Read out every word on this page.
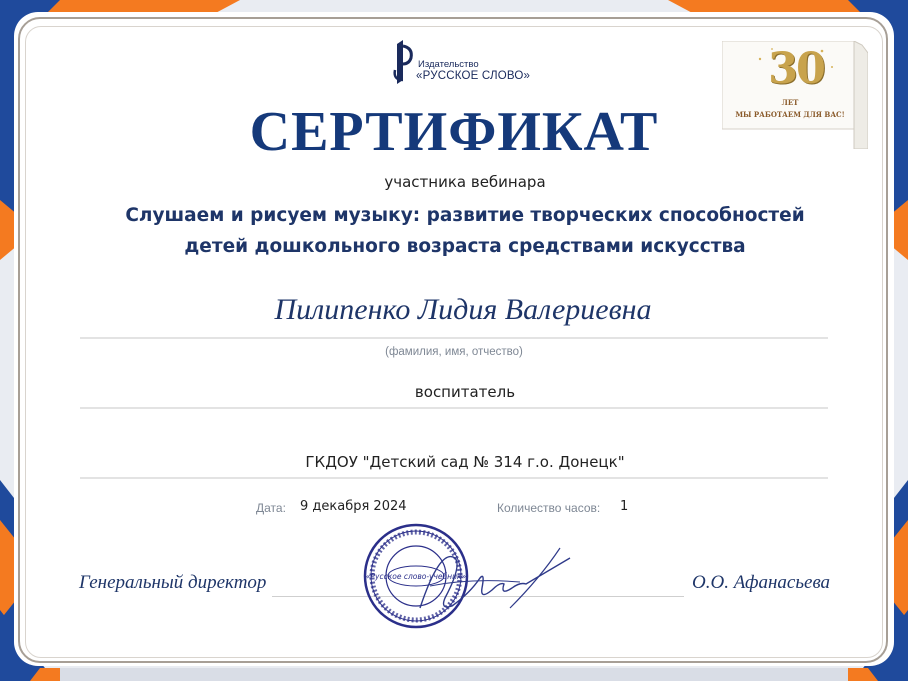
Издательство
«РУССКОЕ СЛОВО»	30
ЛЕТ
МЫ РАБОТАЕМ ДЛЯ ВАС!
СЕРТИФИКАТ
участника вебинара
Слушаем и рисуем музыку: развитие творческих способностей
детей дошкольного возраста средствами искусства
Пилипенко Лидия Валериевна
(фамилия, имя, отчество)
воспитатель
ГКДОУ "Детский сад № 314 г.о. Донецк"
Дата: 9 декабря 2024	Количество часов: 1
Генеральный директор	О.О. Афанасьева
«Русское слово-учебник»
